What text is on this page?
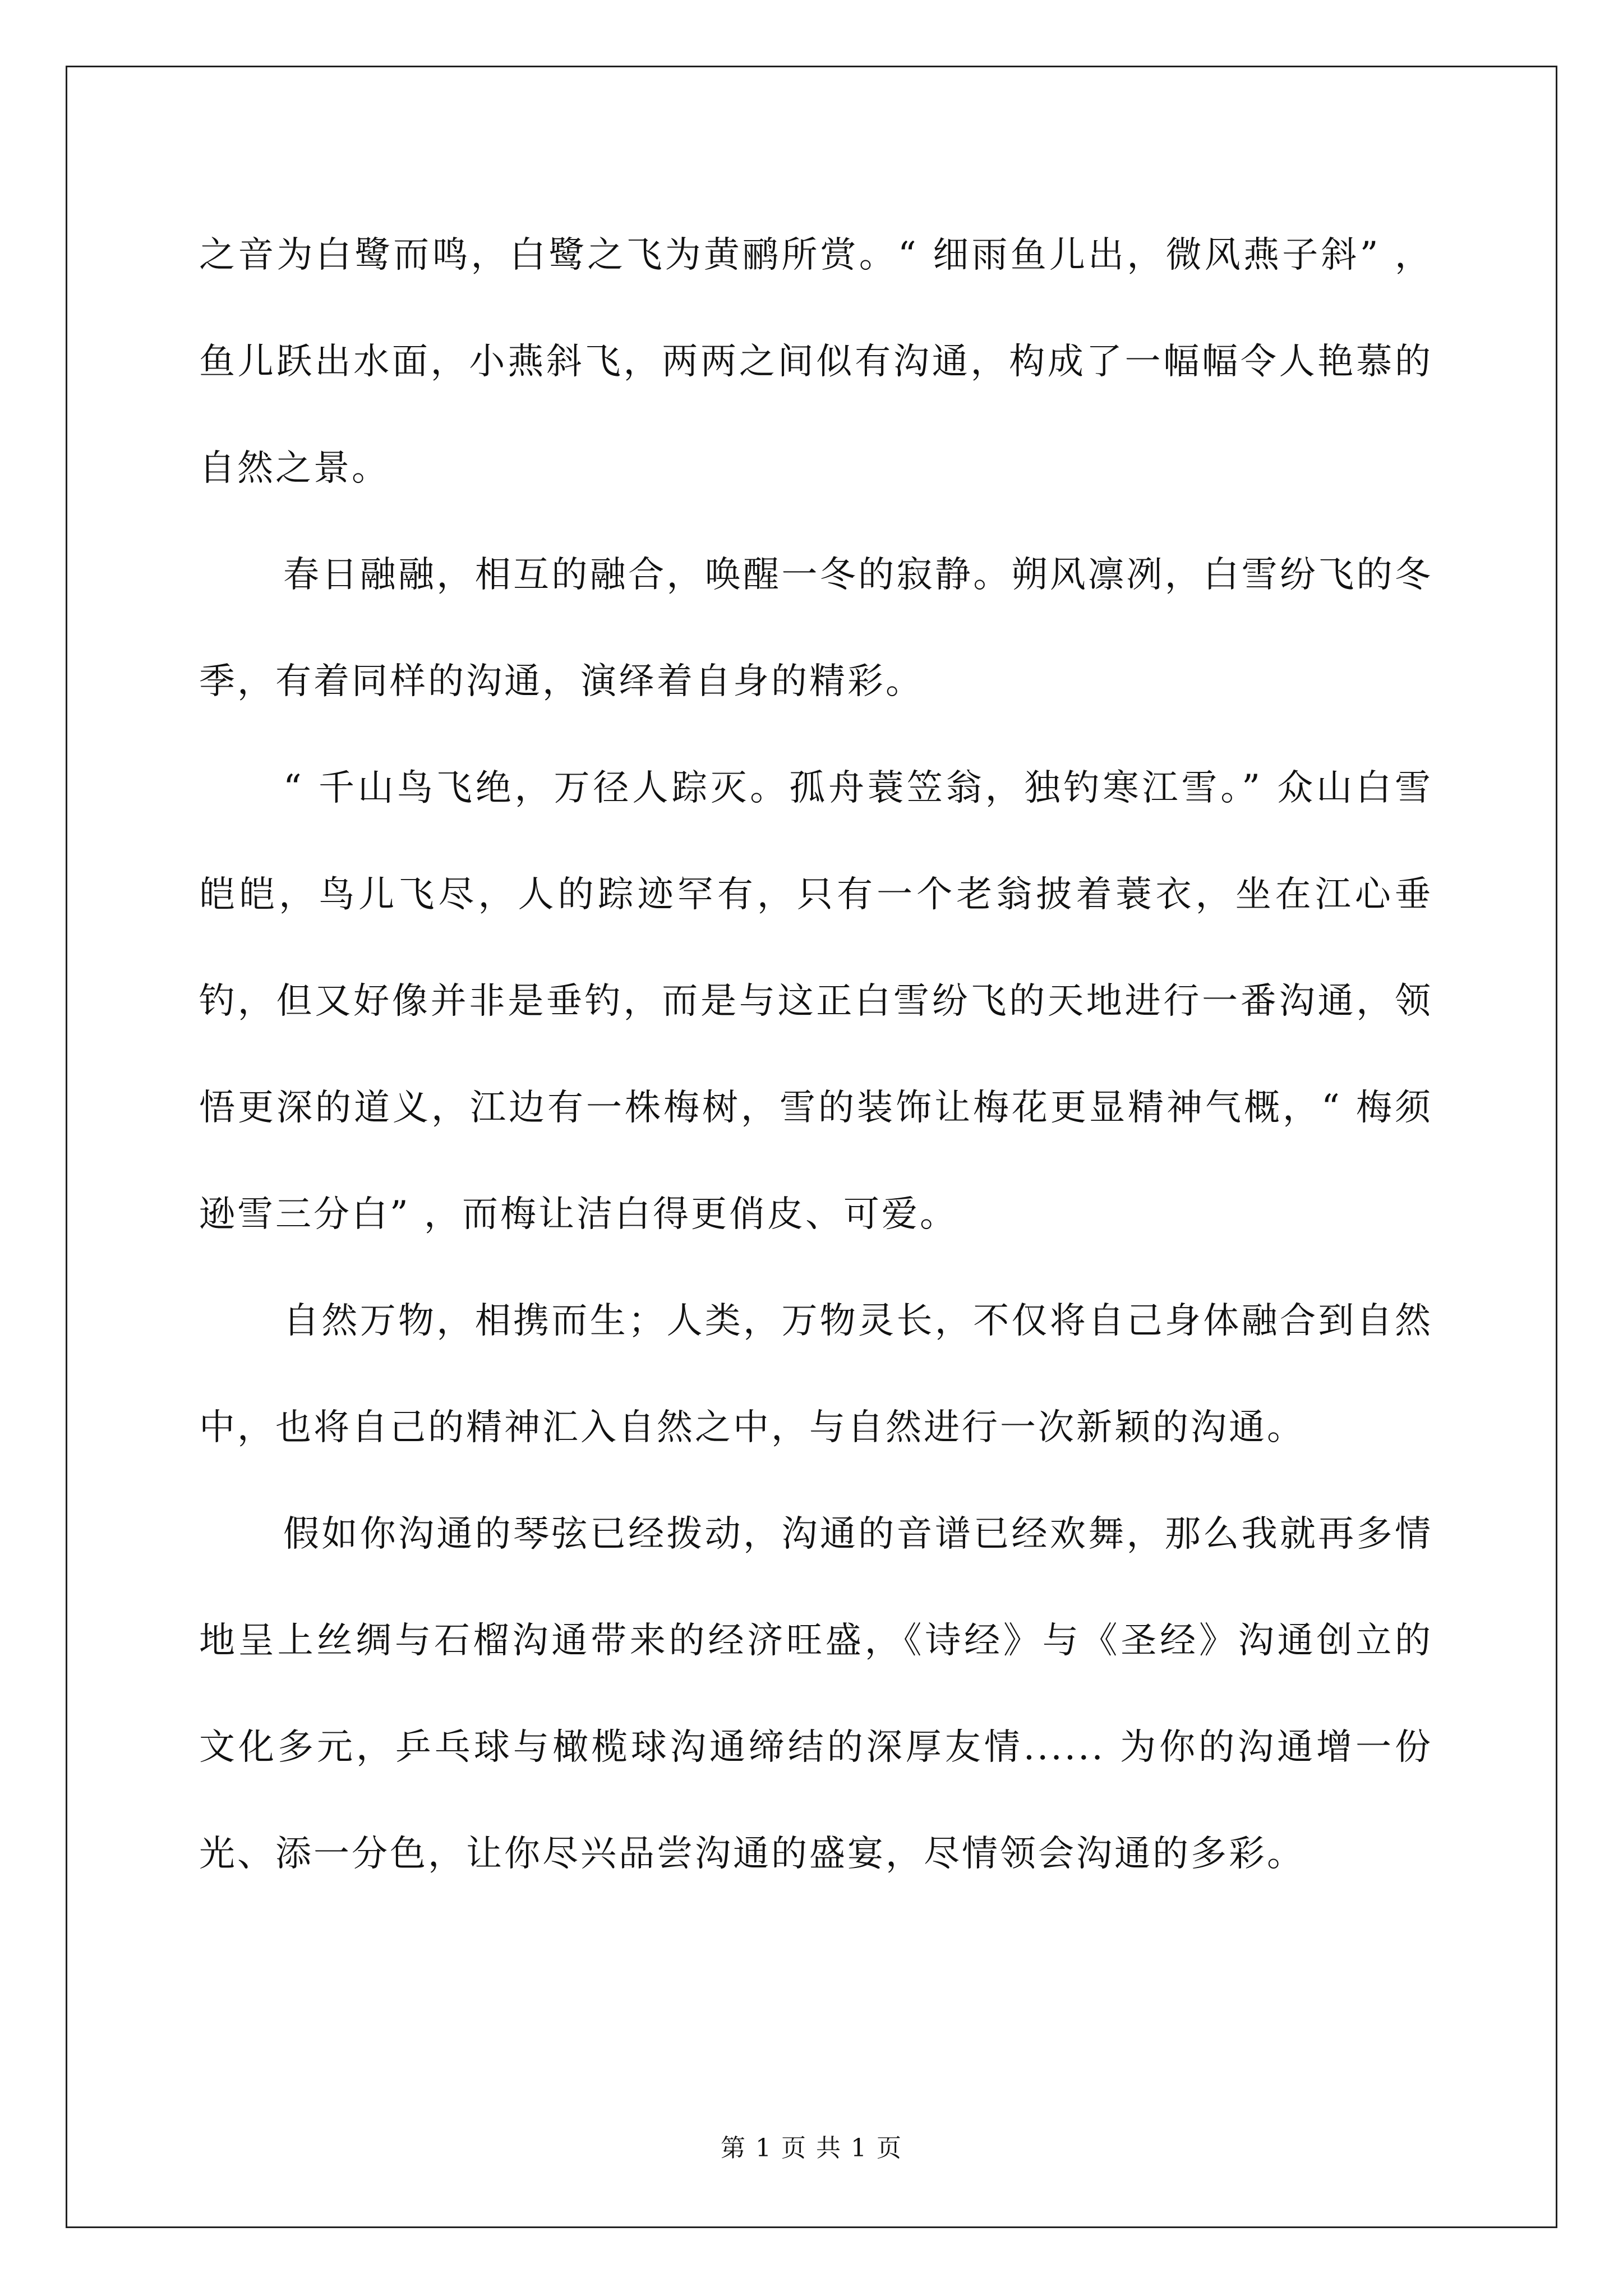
之音为白鹭而鸣，白鹭之飞为黄鹂所赏。“ 细雨鱼儿出，微风燕子斜” ，鱼儿跃出水面，小燕斜飞，两两之间似有沟通，构成了一幅幅令人艳慕的自然之景。

春日融融，相互的融合，唤醒一冬的寂静。朔风凛冽，白雪纷飞的冬季，有着同样的沟通，演绎着自身的精彩。

“ 千山鸟飞绝，万径人踪灭。孤舟蓑笠翁，独钓寒江雪。” 众山白雪皑皑，鸟儿飞尽，人的踪迹罕有，只有一个老翁披着蓑衣，坐在江心垂钓，但又好像并非是垂钓，而是与这正白雪纷飞的天地进行一番沟通，领悟更深的道义，江边有一株梅树，雪的装饰让梅花更显精神气概，“ 梅须逊雪三分白” ，而梅让洁白得更俏皮、可爱。

自然万物，相携而生；人类，万物灵长，不仅将自己身体融合到自然中，也将自己的精神汇入自然之中，与自然进行一次新颖的沟通。

假如你沟通的琴弦已经拨动，沟通的音谱已经欢舞，那么我就再多情地呈上丝绸与石榴沟通带来的经济旺盛，《诗经》与《圣经》沟通创立的文化多元，乒乓球与橄榄球沟通缔结的深厚友情...... 为你的沟通增一份光、添一分色，让你尽兴品尝沟通的盛宴，尽情领会沟通的多彩。

第 1 页 共 1 页
